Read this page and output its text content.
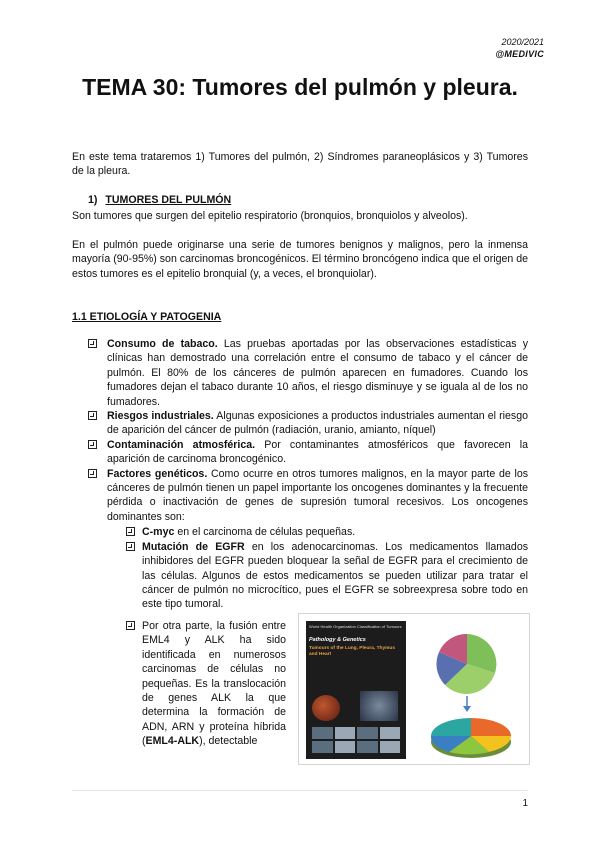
2020/2021
@MEDIVIC
TEMA 30: Tumores del pulmón y pleura.

En este tema trataremos 1) Tumores del pulmón, 2) Síndromes paraneoplásicos y 3) Tumores de la pleura.

1) TUMORES DEL PULMÓN

Son tumores que surgen del epitelio respiratorio (bronquios, bronquiolos y alveolos).

En el pulmón puede originarse una serie de tumores benignos y malignos, pero la inmensa mayoría (90-95%) son carcinomas broncogénicos. El término broncógeno indica que el origen de estos tumores es el epitelio bronquial (y, a veces, el bronquiolar).

1.1 ETIOLOGÍA Y PATOGENIA
Consumo de tabaco. Las pruebas aportadas por las observaciones estadísticas y clínicas han demostrado una correlación entre el consumo de tabaco y el cáncer de pulmón. El 80% de los cánceres de pulmón aparecen en fumadores. Cuando los fumadores dejan el tabaco durante 10 años, el riesgo disminuye y se iguala al de los no fumadores.
Riesgos industriales. Algunas exposiciones a productos industriales aumentan el riesgo de aparición del cáncer de pulmón (radiación, uranio, amianto, níquel)
Contaminación atmosférica. Por contaminantes atmosféricos que favorecen la aparición de carcinoma broncogénico.
Factores genéticos. Como ocurre en otros tumores malignos, en la mayor parte de los cánceres de pulmón tienen un papel importante los oncogenes dominantes y la frecuente pérdida o inactivación de genes de supresión tumoral recesivos. Los oncogenes dominantes son:
C-myc en el carcinoma de células pequeñas.
Mutación de EGFR en los adenocarcinomas. Los medicamentos llamados inhibidores del EGFR pueden bloquear la señal de EGFR para el crecimiento de las células. Algunos de estos medicamentos se pueden utilizar para tratar el cáncer de pulmón no microcítico, pues el EGFR se sobreexpresa sobre todo en este tipo tumoral.

Por otra parte, la fusión entre EML4 y ALK ha sido identificada en numerosos carcinomas de células no pequeñas. Es la translocación de genes ALK la que determina la formación de ADN, ARN y proteína híbrida (EML4-ALK), detectable

World Health Organization Classification of Tumours
Pathology & Genetics
Tumours of the Lung, Pleura, Thymus and Heart
1
